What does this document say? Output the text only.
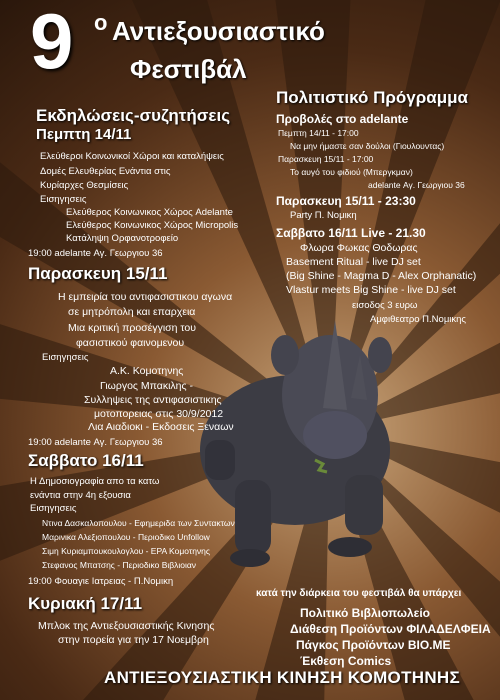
9 ο Αντιεξουσιαστικό
Φεστιβάλ
Εκδηλώσεις-συζητήσεις
Πεμπτη 14/11
Ελεύθεροι Κοινωνικοί Χώροι και καταλήψεις
Δομές Ελευθερίας Ενάντια στις
Κυρίαρχες Θεσμίσεις
Εισηγησεις
Ελεύθερος Κοινωνικος Χώρος Adelante
Ελεύθερος Κοινωνικος Χώρος Micropolis
Κατάληψη Ορφανοτροφείο
19:00 adelante Αγ. Γεωργιου 36
Παρασκευη 15/11
Η εμπειρία του αντιφασιστικου αγωνα
σε μητρόπολη και επαρχεια
Μια κριτική προσέγγιση του
φασιστικού φαινομενου
Εισηγησεις
Α.Κ. Κομοτηνης
Γιωργος Μπακιλης -
Συλληψεις της αντιφασιστικης
μοτοπορειας στις 30/9/2012
Λια Αιαδιοκι - Εκδοσεις Ξεναων
19:00 adelante Αγ. Γεωργιου 36
Σαββατο 16/11
Η Δημοσιογραφία απο τα κατω
ενάντια στην 4η εξουσια
Εισηγησεις
Ντινα Δασκαλοπουλου - Εφημεριδα των Συντακτων
Μαρινικα Αλεξιοπουλου - Περιοδικο Unfollow
Σιμη Κυριαμπουκουλογλου - ΕΡΑ Κομοτηνης
Στεφανος Μπατσης - Περιοδικο Βιβλιοιαν
19:00 Φουαγιε Ιατρειας - Π.Νομικη
Κυριακή 17/11
Μπλοκ της Αντιεξουσιαστικής Κινησης
στην πορεία για την 17 Νοεμβρη
Πολιτιστικό Πρόγραμμα
Προβολές στο adelante
Πεμπτη 14/11 - 17:00
Να μην ήμαστε σαν δούλοι (Γιουλουντας)
Παρασκευη 15/11 - 17:00
Το αυγό του φιδιού (Μπεργκμαν)
adelante Αγ. Γεωργιου 36
Παρασκευη 15/11 - 23:30
Party Π. Νομικη
Σαββατο 16/11 Live - 21.30
Φλωρα Φωκας Θοδωρας
Basement Ritual - live DJ set
(Big Shine - Magma D - Alex Orphanatic)
Vlastur meets Big Shine - live DJ set
εισοδος 3 ευρω
Αμφιθεατρο Π.Νομικης
κατά την διάρκεια του φεστιβάλ θα υπάρχει
Πολιτικό Βιβλιοπωλείο
Διάθεση Προϊόντων ΦΙΛΑΔΕΛΦΕΙΑ
Πάγκος Προϊόντων BIO.ME
Έκθεση Comics
ΑΝΤΙΕΞΟΥΣΙΑΣΤΙΚΗ ΚΙΝΗΣΗ ΚΟΜΟΤΗΝΗΣ
